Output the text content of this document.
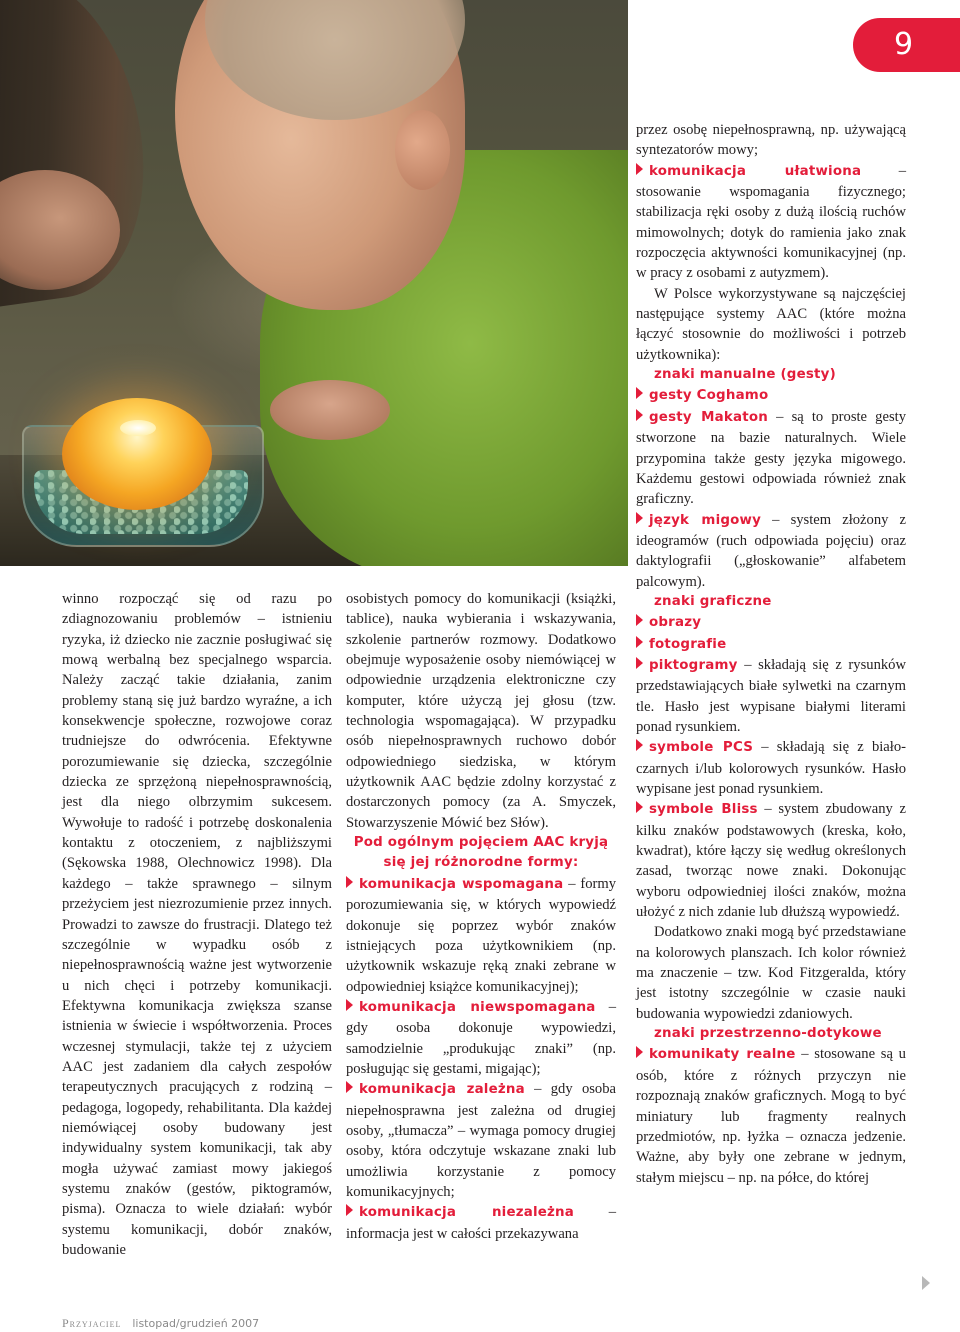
9

winno rozpocząć się od razu po zdiagnozowaniu problemów – istnieniu ryzyka, iż dziecko nie zacznie posługiwać się mową werbalną bez specjalnego wsparcia. Należy zacząć takie działania, zanim problemy staną się już bardzo wyraźne, a ich konsekwencje społeczne, rozwojowe coraz trudniejsze do odwrócenia. Efektywne porozumiewanie się dziecka, szczególnie dziecka ze sprzężoną niepełnosprawnością, jest dla niego olbrzymim sukcesem. Wywołuje to radość i potrzebę doskonalenia kontaktu z otoczeniem, z najbliższymi (Sękowska 1988, Olechnowicz 1998). Dla każdego – także sprawnego – silnym przeżyciem jest niezrozumienie przez innych. Prowadzi to zawsze do frustracji. Dlatego też szczególnie w wypadku osób z niepełnosprawnością ważne jest wytworzenie u nich chęci i potrzeby komunikacji. Efektywna komunikacja zwiększa szanse istnienia w świecie i współtworzenia. Proces wczesnej stymulacji, także tej z użyciem AAC jest zadaniem dla całych zespołów terapeutycznych pracujących z rodziną – pedagoga, logopedy, rehabilitanta. Dla każdej niemówiącej osoby budowany jest indywidualny system komunikacji, tak aby mogła używać zamiast mowy jakiegoś systemu znaków (gestów, piktogramów, pisma). Oznacza to wiele działań: wybór systemu komunikacji, dobór znaków, budowanie

osobistych pomocy do komunikacji (książki, tablice), nauka wybierania i wskazywania, szkolenie partnerów rozmowy. Dodatkowo obejmuje wyposażenie osoby niemówiącej w odpowiednie urządzenia elektroniczne czy komputer, które użyczą jej głosu (tzw. technologia wspomagająca). W przypadku osób niepełnosprawnych ruchowo dobór odpowiedniego siedziska, w którym użytkownik AAC będzie zdolny korzystać z dostarczonych pomocy (za A. Smyczek, Stowarzyszenie Mówić bez Słów).

Pod ogólnym pojęciem AAC kryją się jej różnorodne formy:

komunikacja wspomagana – formy porozumiewania się, w których wypowiedź dokonuje się poprzez wybór znaków istniejących poza użytkownikiem (np. użytkownik wskazuje ręką znaki zebrane w odpowiedniej książce komunikacyjnej);

komunikacja niewspomagana – gdy osoba dokonuje wypowiedzi, samodzielnie „produkując znaki” (np. posługując się gestami, migając);

komunikacja zależna – gdy osoba niepełnosprawna jest zależna od drugiej osoby, „tłumacza” – wymaga pomocy drugiej osoby, która odczytuje wskazane znaki lub umożliwia korzystanie z pomocy komunikacyjnych;

komunikacja niezależna – informacja jest w całości przekazywana

przez osobę niepełnosprawną, np. używającą syntezatorów mowy;

komunikacja ułatwiona – stosowanie wspomagania fizycznego; stabilizacja ręki osoby z dużą ilością ruchów mimowolnych; dotyk do ramienia jako znak rozpoczęcia aktywności komunikacyjnej (np. w pracy z osobami z autyzmem).

W Polsce wykorzystywane są najczęściej następujące systemy AAC (które można łączyć stosownie do możliwości i potrzeb użytkownika):

znaki manualne (gesty)

gesty Coghamo

gesty Makaton – są to proste gesty stworzone na bazie naturalnych. Wiele przypomina także gesty języka migowego. Każdemu gestowi odpowiada również znak graficzny.

język migowy – system złożony z ideogramów (ruch odpowiada pojęciu) oraz daktylografii („głoskowanie” alfabetem palcowym).

znaki graficzne

obrazy

fotografie

piktogramy – składają się z rysunków przedstawiających białe sylwetki na czarnym tle. Hasło jest wypisane białymi literami ponad rysunkiem.

symbole PCS – składają się z biało-czarnych i/lub kolorowych rysunków. Hasło wypisane jest ponad rysunkiem.

symbole Bliss – system zbudowany z kilku znaków podstawowych (kreska, koło, kwadrat), które łączy się według określonych zasad, tworząc nowe znaki. Dokonując wyboru odpowiedniej ilości znaków, można ułożyć z nich zdanie lub dłuższą wypowiedź.

Dodatkowo znaki mogą być przedstawiane na kolorowych planszach. Ich kolor również ma znaczenie – tzw. Kod Fitzgeralda, który jest istotny szczególnie w czasie nauki budowania wypowiedzi zdaniowych.

znaki przestrzenno-dotykowe

komunikaty realne – stosowane są u osób, które z różnych przyczyn nie rozpoznają znaków graficznych. Mogą to być miniatury lub fragmenty realnych przedmiotów, np. łyżka – oznacza jedzenie. Ważne, aby były one zebrane w jednym, stałym miejscu – np. na półce, do której

Przyjaciel listopad/grudzień 2007
